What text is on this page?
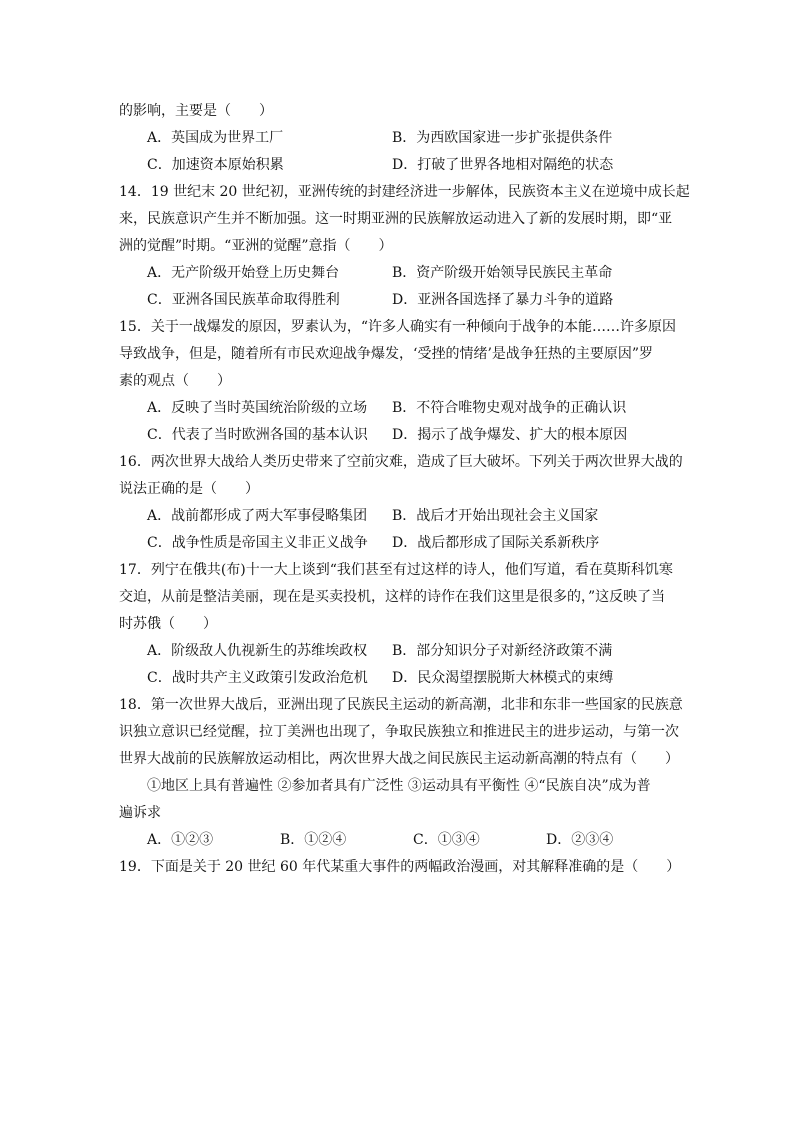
的影响，主要是（　　）
A．英国成为世界工厂	B．为西欧国家进一步扩张提供条件
C．加速资本原始积累	D．打破了世界各地相对隔绝的状态
14．19 世纪末 20 世纪初，亚洲传统的封建经济进一步解体，民族资本主义在逆境中成长起
来，民族意识产生并不断加强。这一时期亚洲的民族解放运动进入了新的发展时期，即“亚
洲的觉醒”时期。“亚洲的觉醒”意指（　　）
A．无产阶级开始登上历史舞台	B．资产阶级开始领导民族民主革命
C．亚洲各国民族革命取得胜利	D．亚洲各国选择了暴力斗争的道路
15．关于一战爆发的原因，罗素认为，“许多人确实有一种倾向于战争的本能……许多原因
导致战争，但是，随着所有市民欢迎战争爆发，‘受挫的情绪’是战争狂热的主要原因”罗
素的观点（　　）
A．反映了当时英国统治阶级的立场	B．不符合唯物史观对战争的正确认识
C．代表了当时欧洲各国的基本认识	D．揭示了战争爆发、扩大的根本原因
16．两次世界大战给人类历史带来了空前灾难，造成了巨大破坏。下列关于两次世界大战的
说法正确的是（　　）
A．战前都形成了两大军事侵略集团	B．战后才开始出现社会主义国家
C．战争性质是帝国主义非正义战争	D．战后都形成了国际关系新秩序
17．列宁在俄共(布)十一大上谈到“我们甚至有过这样的诗人，他们写道，看在莫斯科饥寒
交迫，从前是整洁美丽，现在是买卖投机，这样的诗作在我们这里是很多的，”这反映了当
时苏俄（　　）
A．阶级敌人仇视新生的苏维埃政权	B．部分知识分子对新经济政策不满
C．战时共产主义政策引发政治危机	D．民众渴望摆脱斯大林模式的束缚
18．第一次世界大战后，亚洲出现了民族民主运动的新高潮，北非和东非一些国家的民族意
识独立意识已经觉醒，拉丁美洲也出现了，争取民族独立和推进民主的进步运动，与第一次
世界大战前的民族解放运动相比，两次世界大战之间民族民主运动新高潮的特点有（　　）
①地区上具有普遍性 ②参加者具有广泛性 ③运动具有平衡性 ④“民族自决”成为普
遍诉求
A．①②③	B．①②④	C．①③④	D．②③④
19．下面是关于 20 世纪 60 年代某重大事件的两幅政治漫画，对其解释准确的是（　　）
